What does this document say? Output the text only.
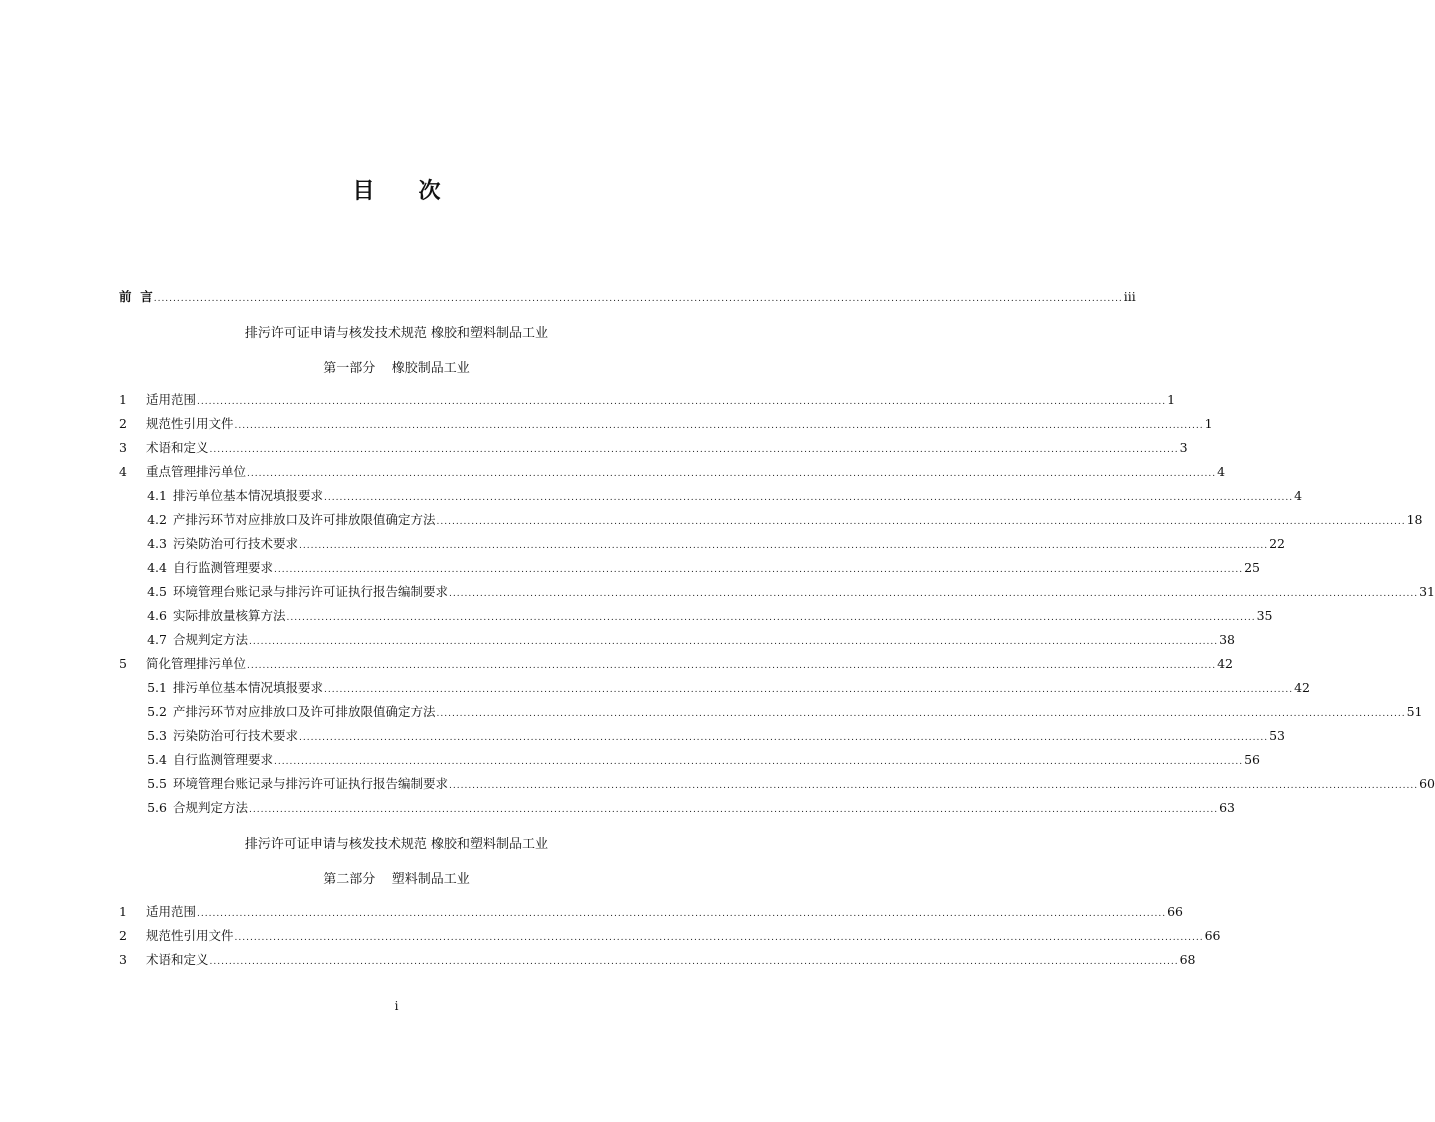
目 次
前  言 ........................................................................................................................................................................................................................................................... iii
排污许可证申请与核发技术规范 橡胶和塑料制品工业
第一部分    橡胶制品工业
1	适用范围 ........................................................................................................................................................................................................................................................... 1
2	规范性引用文件 ........................................................................................................................................................................................................................................................... 1
3	术语和定义 ........................................................................................................................................................................................................................................................... 3
4	重点管理排污单位 ........................................................................................................................................................................................................................................................... 4
4.1 排污单位基本情况填报要求 ........................................................................................................................................................................................................................................................... 4
4.2 产排污环节对应排放口及许可排放限值确定方法 ........................................................................................................................................................................................................................................................... 18
4.3 污染防治可行技术要求 ........................................................................................................................................................................................................................................................... 22
4.4 自行监测管理要求 ........................................................................................................................................................................................................................................................... 25
4.5 环境管理台账记录与排污许可证执行报告编制要求 ........................................................................................................................................................................................................................................................... 31
4.6 实际排放量核算方法 ........................................................................................................................................................................................................................................................... 35
4.7 合规判定方法 ........................................................................................................................................................................................................................................................... 38
5	简化管理排污单位 ........................................................................................................................................................................................................................................................... 42
5.1 排污单位基本情况填报要求 ........................................................................................................................................................................................................................................................... 42
5.2 产排污环节对应排放口及许可排放限值确定方法 ........................................................................................................................................................................................................................................................... 51
5.3 污染防治可行技术要求 ........................................................................................................................................................................................................................................................... 53
5.4 自行监测管理要求 ........................................................................................................................................................................................................................................................... 56
5.5 环境管理台账记录与排污许可证执行报告编制要求 ........................................................................................................................................................................................................................................................... 60
5.6 合规判定方法 ........................................................................................................................................................................................................................................................... 63
排污许可证申请与核发技术规范 橡胶和塑料制品工业
第二部分    塑料制品工业
1	适用范围 ........................................................................................................................................................................................................................................................... 66
2	规范性引用文件 ........................................................................................................................................................................................................................................................... 66
3	术语和定义 ........................................................................................................................................................................................................................................................... 68
i
